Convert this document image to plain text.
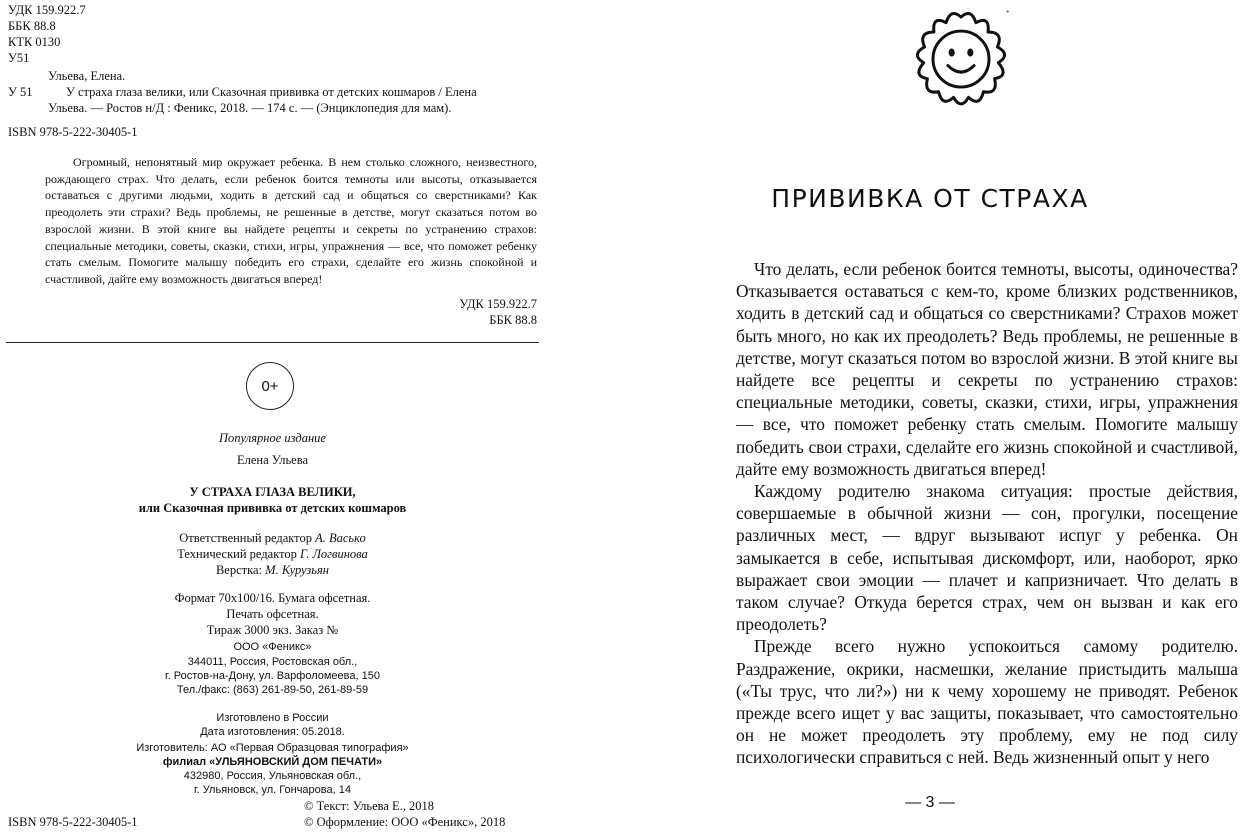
УДК 159.922.7
ББК 88.8
КТК 0130
У51
Ульева, Елена.
У 51	У страха глаза велики, или Сказочная прививка от детских кошмаров / Елена
Ульева. — Ростов н/Д : Феникс, 2018. — 174 с. — (Энциклопедия для мам).
ISBN 978-5-222-30405-1
Огромный, непонятный мир окружает ребенка. В нем столько сложного, неизвестного, рождающего страх. Что делать, если ребенок боится темноты или высоты, отказывается оставаться с другими людьми, ходить в детский сад и общаться со сверстниками? Как преодолеть эти страхи? Ведь проблемы, не решенные в детстве, могут сказаться потом во взрослой жизни. В этой книге вы найдете рецепты и секреты по устранению страхов: специальные методики, советы, сказки, стихи, игры, упражнения — все, что поможет ребенку стать смелым. Помогите малышу победить его страхи, сделайте его жизнь спокойной и счастливой, дайте ему возможность двигаться вперед!
УДК 159.922.7
ББК 88.8
0+
Популярное издание
Елена Ульева
У СТРАХА ГЛАЗА ВЕЛИКИ,
или Сказочная прививка от детских кошмаров
Ответственный редактор А. Васько
Технический редактор Г. Логвинова
Верстка: М. Курузьян
Формат 70x100/16. Бумага офсетная.
Печать офсетная.
Тираж 3000 экз. Заказ №
ООО «Феникс»
344011, Россия, Ростовская обл.,
г. Ростов-на-Дону, ул. Варфоломеева, 150
Тел./факс: (863) 261-89-50, 261-89-59
Изготовлено в России
Дата изготовления: 05.2018.
Изготовитель: АО «Первая Образцовая типография»
филиал «УЛЬЯНОВСКИЙ ДОМ ПЕЧАТИ»
432980, Россия, Ульяновская обл.,
г. Ульяновск, ул. Гончарова, 14
ISBN 978-5-222-30405-1
© Текст: Ульева Е., 2018
© Оформление: ООО «Феникс», 2018
ПРИВИВКА ОТ СТРАХА

Что делать, если ребенок боится темноты, высоты, одиночества? Отказывается оставаться с кем-то, кроме близких родственников, ходить в детский сад и общаться со сверстниками? Страхов может быть много, но как их преодолеть? Ведь проблемы, не решенные в детстве, могут сказаться потом во взрослой жизни. В этой книге вы найдете все рецепты и секреты по устранению страхов: специальные методики, советы, сказки, стихи, игры, упражнения — все, что поможет ребенку стать смелым. Помогите малышу победить свои страхи, сделайте его жизнь спокойной и счастливой, дайте ему возможность двигаться вперед!

Каждому родителю знакома ситуация: простые действия, совершаемые в обычной жизни — сон, прогулки, посещение различных мест, — вдруг вызывают испуг у ребенка. Он замыкается в себе, испытывая дискомфорт, или, наоборот, ярко выражает свои эмоции — плачет и капризничает. Что делать в таком случае? Откуда берется страх, чем он вызван и как его преодолеть?

Прежде всего нужно успокоиться самому родителю. Раздражение, окрики, насмешки, желание пристыдить малыша («Ты трус, что ли?») ни к чему хорошему не приводят. Ребенок прежде всего ищет у вас защиты, показывает, что самостоятельно он не может преодолеть эту проблему, ему не под силу психологически справиться с ней. Ведь жизненный опыт у него

— 3 —
